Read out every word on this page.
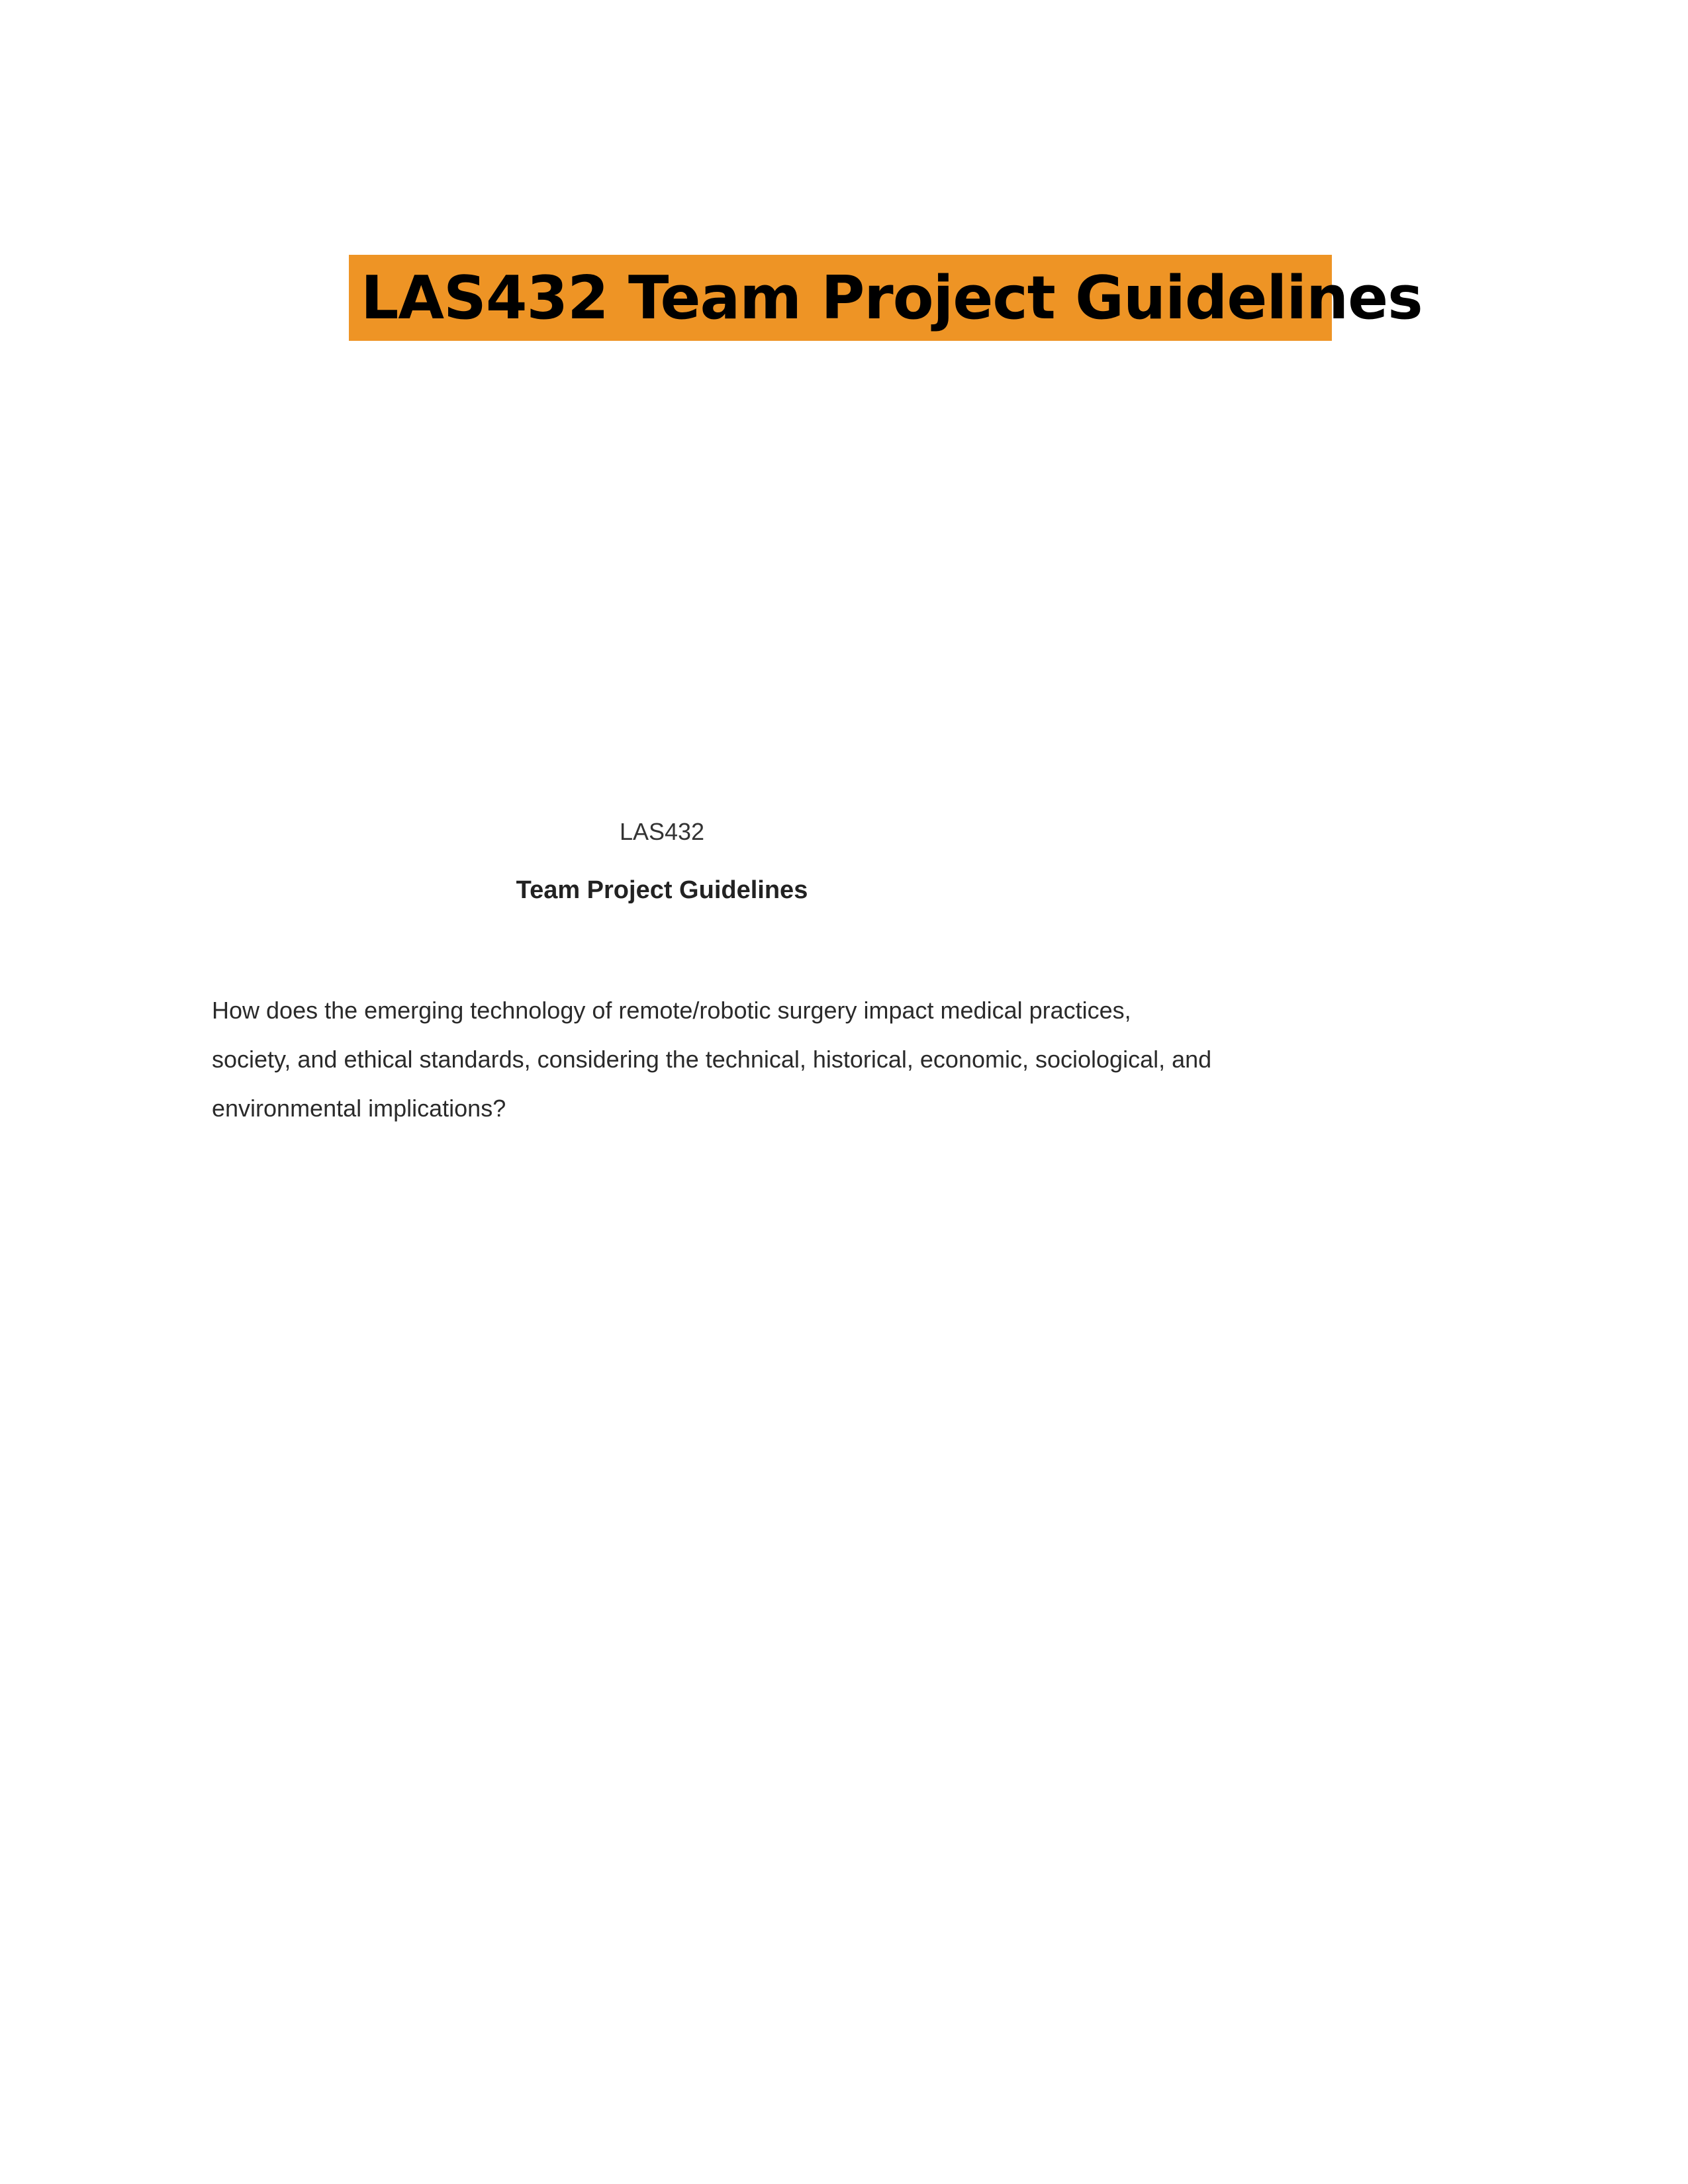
LAS432 Team Project Guidelines
LAS432
Team Project Guidelines

How does the emerging technology of remote/robotic surgery impact medical practices,
society, and ethical standards, considering the technical, historical, economic, sociological, and
environmental implications?
